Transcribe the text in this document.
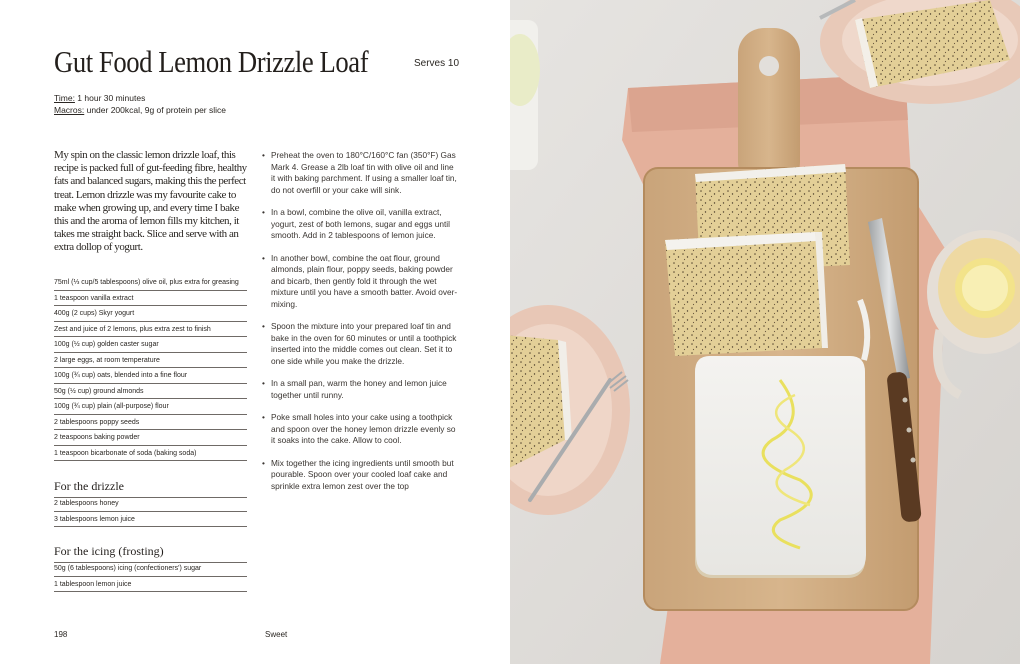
Gut Food Lemon Drizzle Loaf	Serves 10
Time: 1 hour 30 minutes
Macros: under 200kcal, 9g of protein per slice
My spin on the classic lemon drizzle loaf, this recipe is packed full of gut-feeding fibre, healthy fats and balanced sugars, making this the perfect treat. Lemon drizzle was my favourite cake to make when growing up, and every time I bake this and the aroma of lemon fills my kitchen, it takes me straight back. Slice and serve with an extra dollop of yogurt.
75ml (⅓ cup/5 tablespoons) olive oil, plus extra for greasing
1 teaspoon vanilla extract
400g (2 cups) Skyr yogurt
Zest and juice of 2 lemons, plus extra zest to finish
100g (½ cup) golden caster sugar
2 large eggs, at room temperature
100g (¾ cup) oats, blended into a fine flour
50g (½ cup) ground almonds
100g (¾ cup) plain (all-purpose) flour
2 tablespoons poppy seeds
2 teaspoons baking powder
1 teaspoon bicarbonate of soda (baking soda)
For the drizzle
2 tablespoons honey
3 tablespoons lemon juice
For the icing (frosting)
50g (6 tablespoons) icing (confectioners') sugar
1 tablespoon lemon juice
• Preheat the oven to 180°C/160°C fan (350°F) Gas Mark 4. Grease a 2lb loaf tin with olive oil and line it with baking parchment. If using a smaller loaf tin, do not overfill or your cake will sink.
• In a bowl, combine the olive oil, vanilla extract, yogurt, zest of both lemons, sugar and eggs until smooth. Add in 2 tablespoons of lemon juice.
• In another bowl, combine the oat flour, ground almonds, plain flour, poppy seeds, baking powder and bicarb, then gently fold it through the wet mixture until you have a smooth batter. Avoid over-mixing.
• Spoon the mixture into your prepared loaf tin and bake in the oven for 60 minutes or until a toothpick inserted into the middle comes out clean. Set it to one side while you make the drizzle.
• In a small pan, warm the honey and lemon juice together until runny.
• Poke small holes into your cake using a toothpick and spoon over the honey lemon drizzle evenly so it soaks into the cake. Allow to cool.
• Mix together the icing ingredients until smooth but pourable. Spoon over your cooled loaf cake and sprinkle extra lemon zest over the top
198	Sweet
